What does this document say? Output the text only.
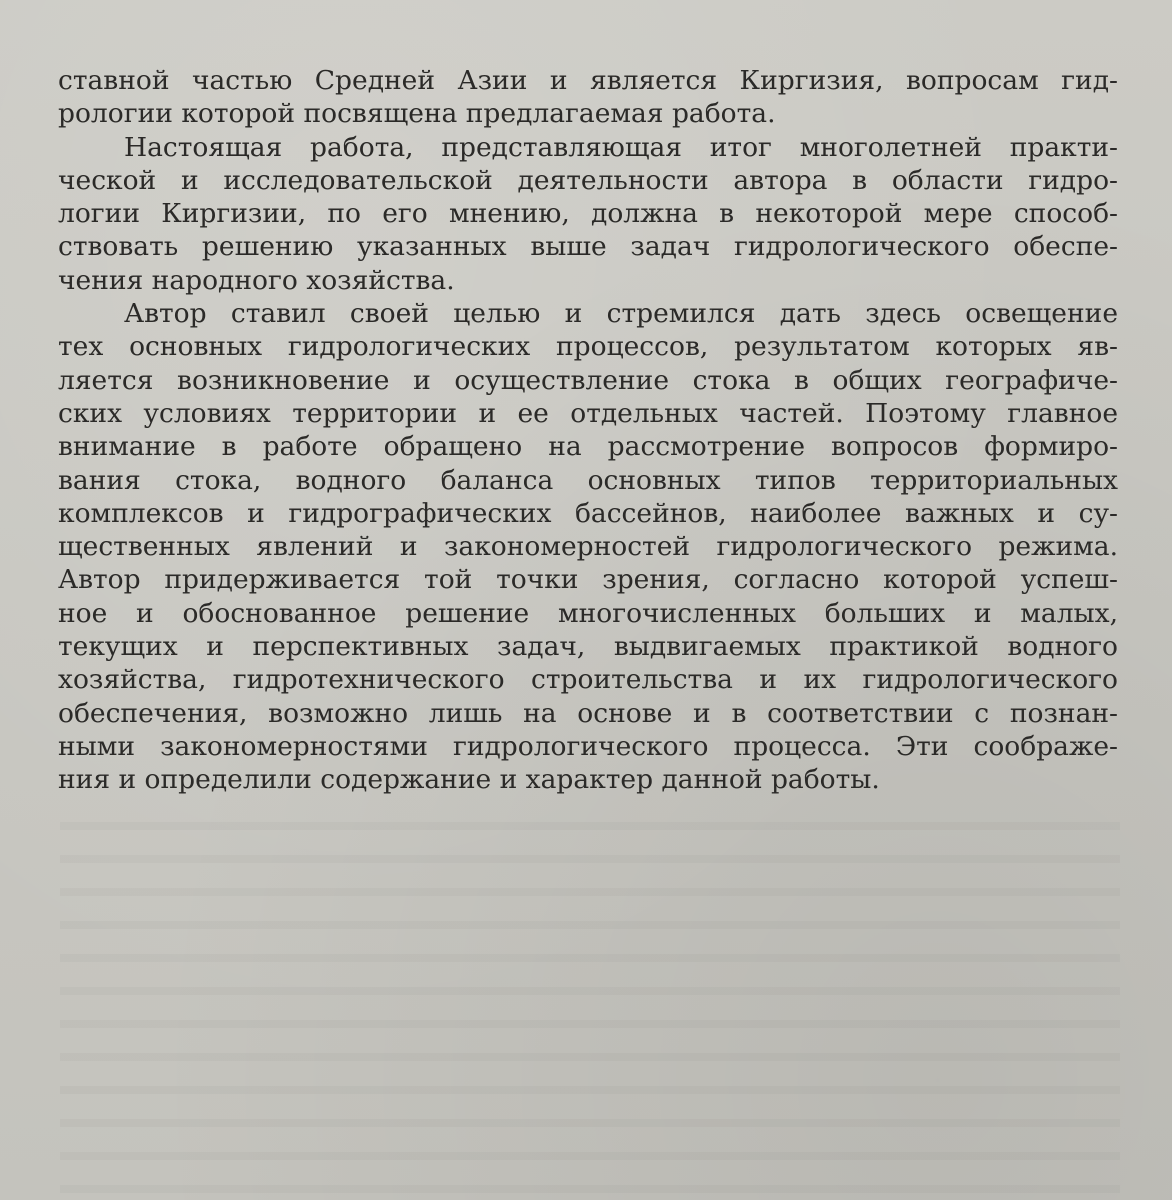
ставной частью Средней Азии и является Киргизия, вопросам гид-
рологии которой посвящена предлагаемая работа.
Настоящая работа, представляющая итог многолетней практи-
ческой и исследовательской деятельности автора в области гидро-
логии Киргизии, по его мнению, должна в некоторой мере способ-
ствовать решению указанных выше задач гидрологического обеспе-
чения народного хозяйства.
Автор ставил своей целью и стремился дать здесь освещение
тех основных гидрологических процессов, результатом которых яв-
ляется возникновение и осуществление стока в общих географиче-
ских условиях территории и ее отдельных частей. Поэтому главное
внимание в работе обращено на рассмотрение вопросов формиро-
вания стока, водного баланса основных типов территориальных
комплексов и гидрографических бассейнов, наиболее важных и су-
щественных явлений и закономерностей гидрологического режима.
Автор придерживается той точки зрения, согласно которой успеш-
ное и обоснованное решение многочисленных больших и малых,
текущих и перспективных задач, выдвигаемых практикой водного
хозяйства, гидротехнического строительства и их гидрологического
обеспечения, возможно лишь на основе и в соответствии с познан-
ными закономерностями гидрологического процесса. Эти соображе-
ния и определили содержание и характер данной работы.
